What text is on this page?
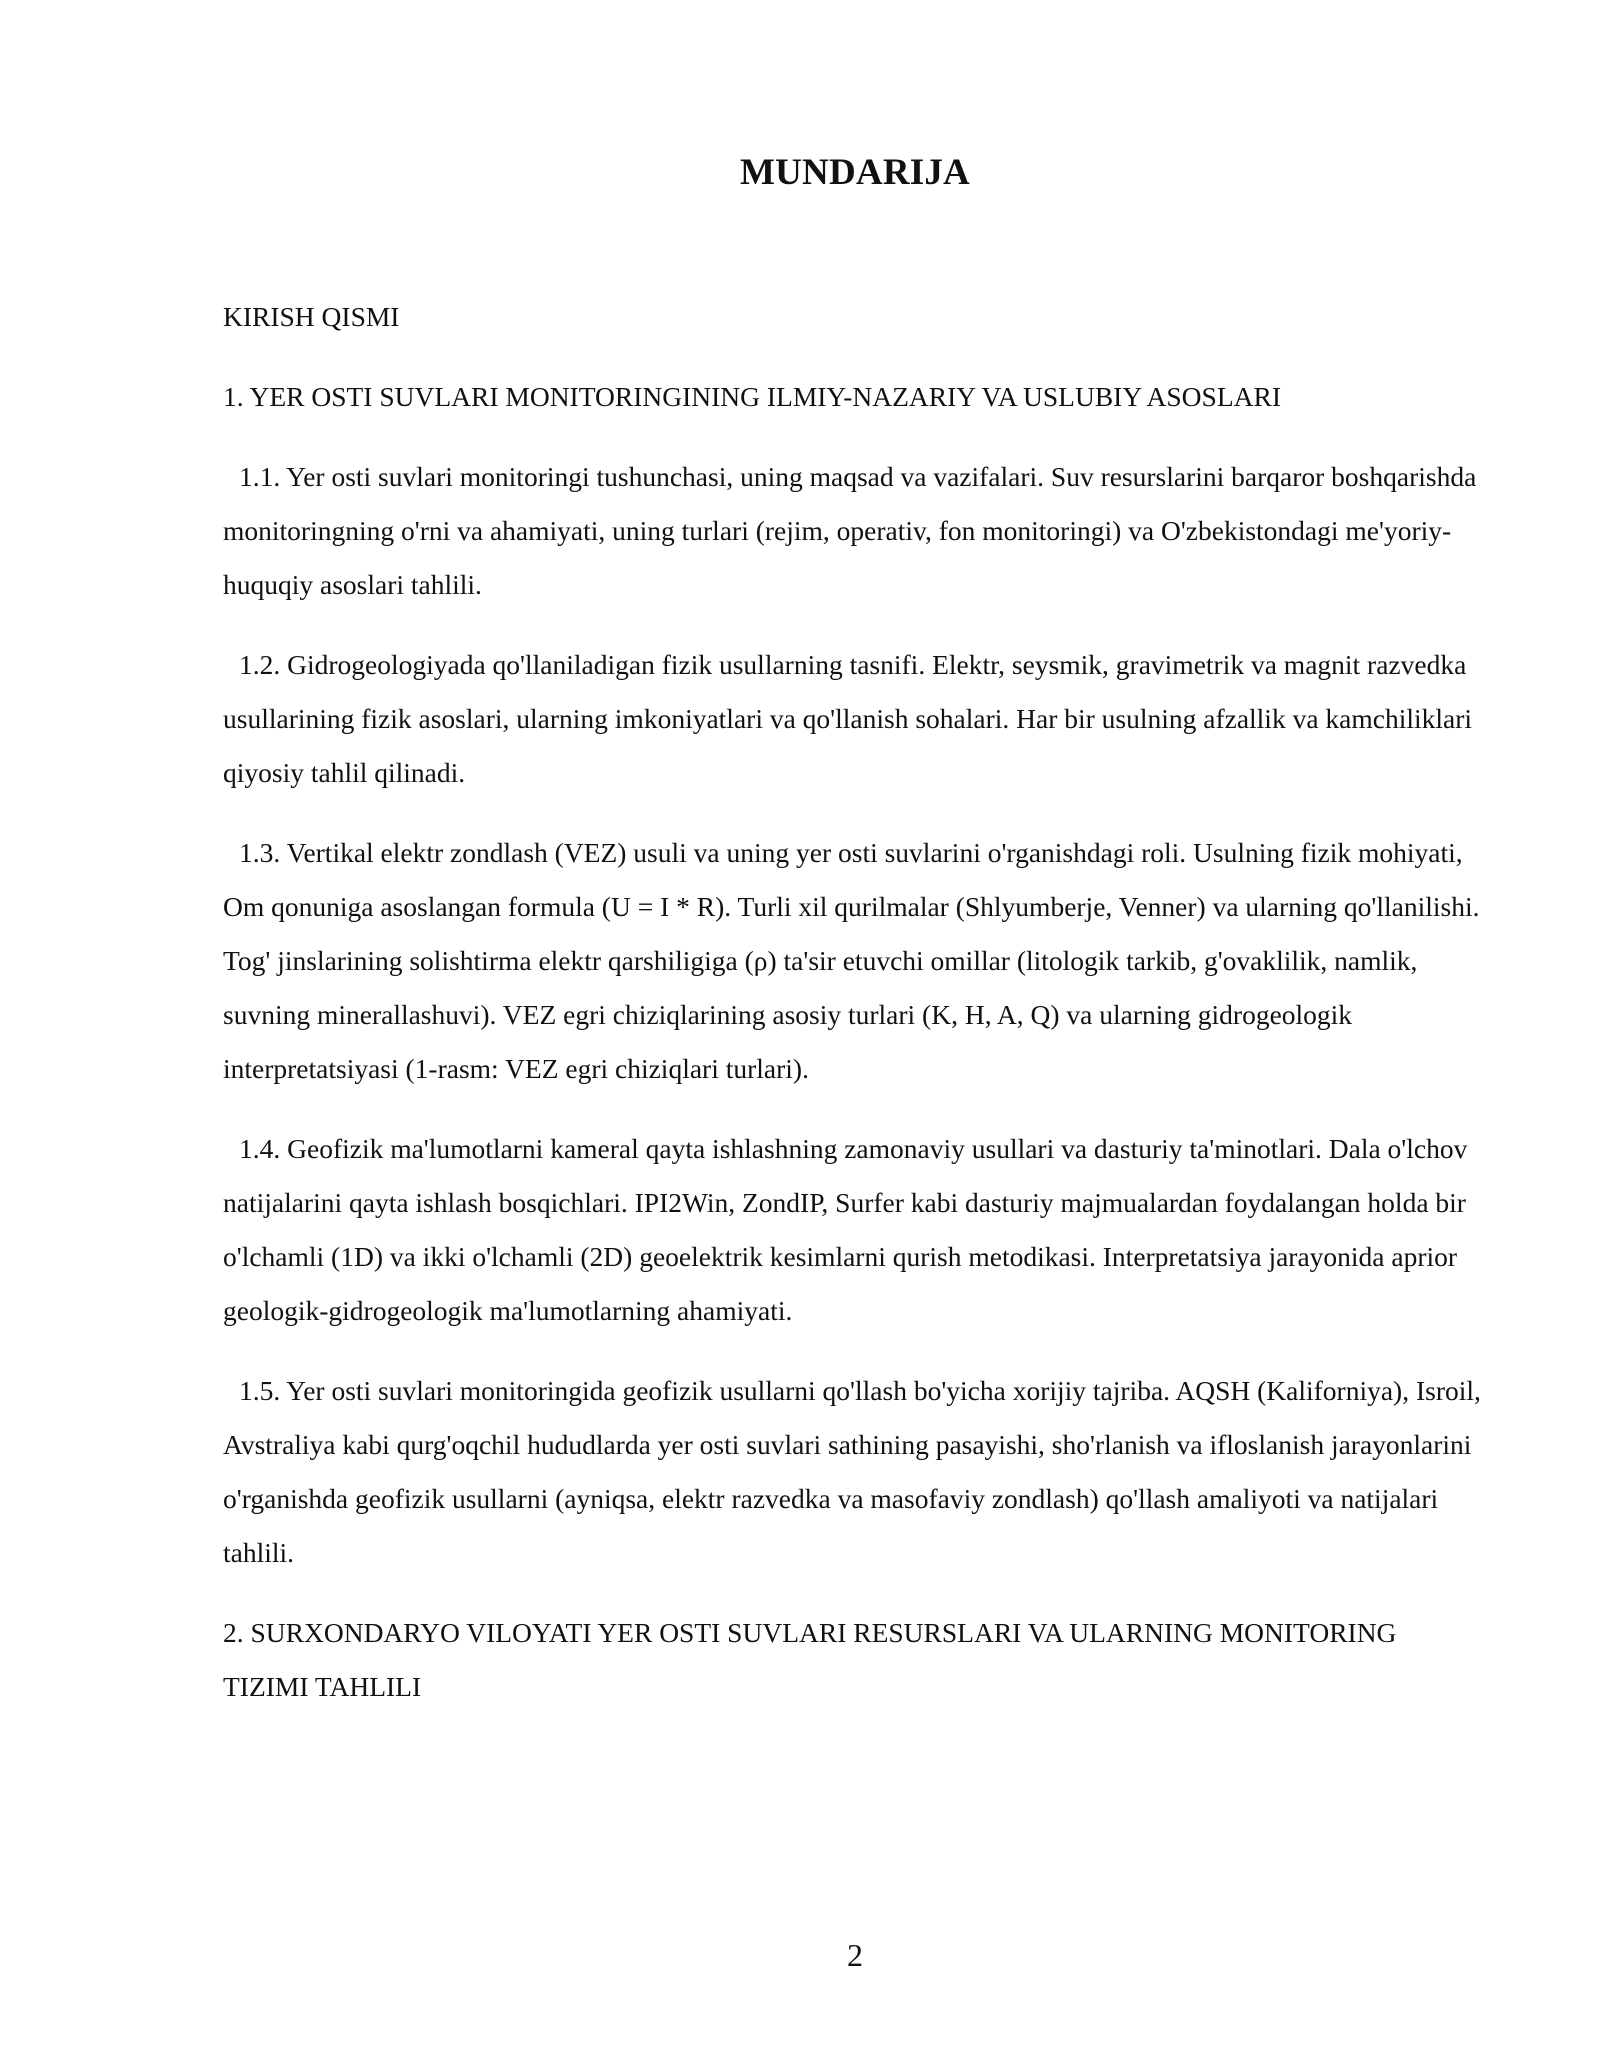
MUNDARIJA

KIRISH QISMI

1. YER OSTI SUVLARI MONITORINGINING ILMIY-NAZARIY VA USLUBIY ASOSLARI

1.1. Yer osti suvlari monitoringi tushunchasi, uning maqsad va vazifalari. Suv resurslarini barqaror boshqarishda monitoringning o'rni va ahamiyati, uning turlari (rejim, operativ, fon monitoringi) va O'zbekistondagi me'yoriy-huquqiy asoslari tahlili.

1.2. Gidrogeologiyada qo'llaniladigan fizik usullarning tasnifi. Elektr, seysmik, gravimetrik va magnit razvedka usullarining fizik asoslari, ularning imkoniyatlari va qo'llanish sohalari. Har bir usulning afzallik va kamchiliklari qiyosiy tahlil qilinadi.

1.3. Vertikal elektr zondlash (VEZ) usuli va uning yer osti suvlarini o'rganishdagi roli. Usulning fizik mohiyati, Om qonuniga asoslangan formula (U = I * R). Turli xil qurilmalar (Shlyumberje, Venner) va ularning qo'llanilishi. Tog' jinslarining solishtirma elektr qarshiligiga (ρ) ta'sir etuvchi omillar (litologik tarkib, g'ovaklilik, namlik, suvning minerallashuvi). VEZ egri chiziqlarining asosiy turlari (K, H, A, Q) va ularning gidrogeologik interpretatsiyasi (1-rasm: VEZ egri chiziqlari turlari).

1.4. Geofizik ma'lumotlarni kameral qayta ishlashning zamonaviy usullari va dasturiy ta'minotlari. Dala o'lchov natijalarini qayta ishlash bosqichlari. IPI2Win, ZondIP, Surfer kabi dasturiy majmualardan foydalangan holda bir o'lchamli (1D) va ikki o'lchamli (2D) geoelektrik kesimlarni qurish metodikasi. Interpretatsiya jarayonida aprior geologik-gidrogeologik ma'lumotlarning ahamiyati.

1.5. Yer osti suvlari monitoringida geofizik usullarni qo'llash bo'yicha xorijiy tajriba. AQSH (Kaliforniya), Isroil, Avstraliya kabi qurg'oqchil hududlarda yer osti suvlari sathining pasayishi, sho'rlanish va ifloslanish jarayonlarini o'rganishda geofizik usullarni (ayniqsa, elektr razvedka va masofaviy zondlash) qo'llash amaliyoti va natijalari tahlili.

2. SURXONDARYO VILOYATI YER OSTI SUVLARI RESURSLARI VA ULARNING MONITORING TIZIMI TAHLILI

2
